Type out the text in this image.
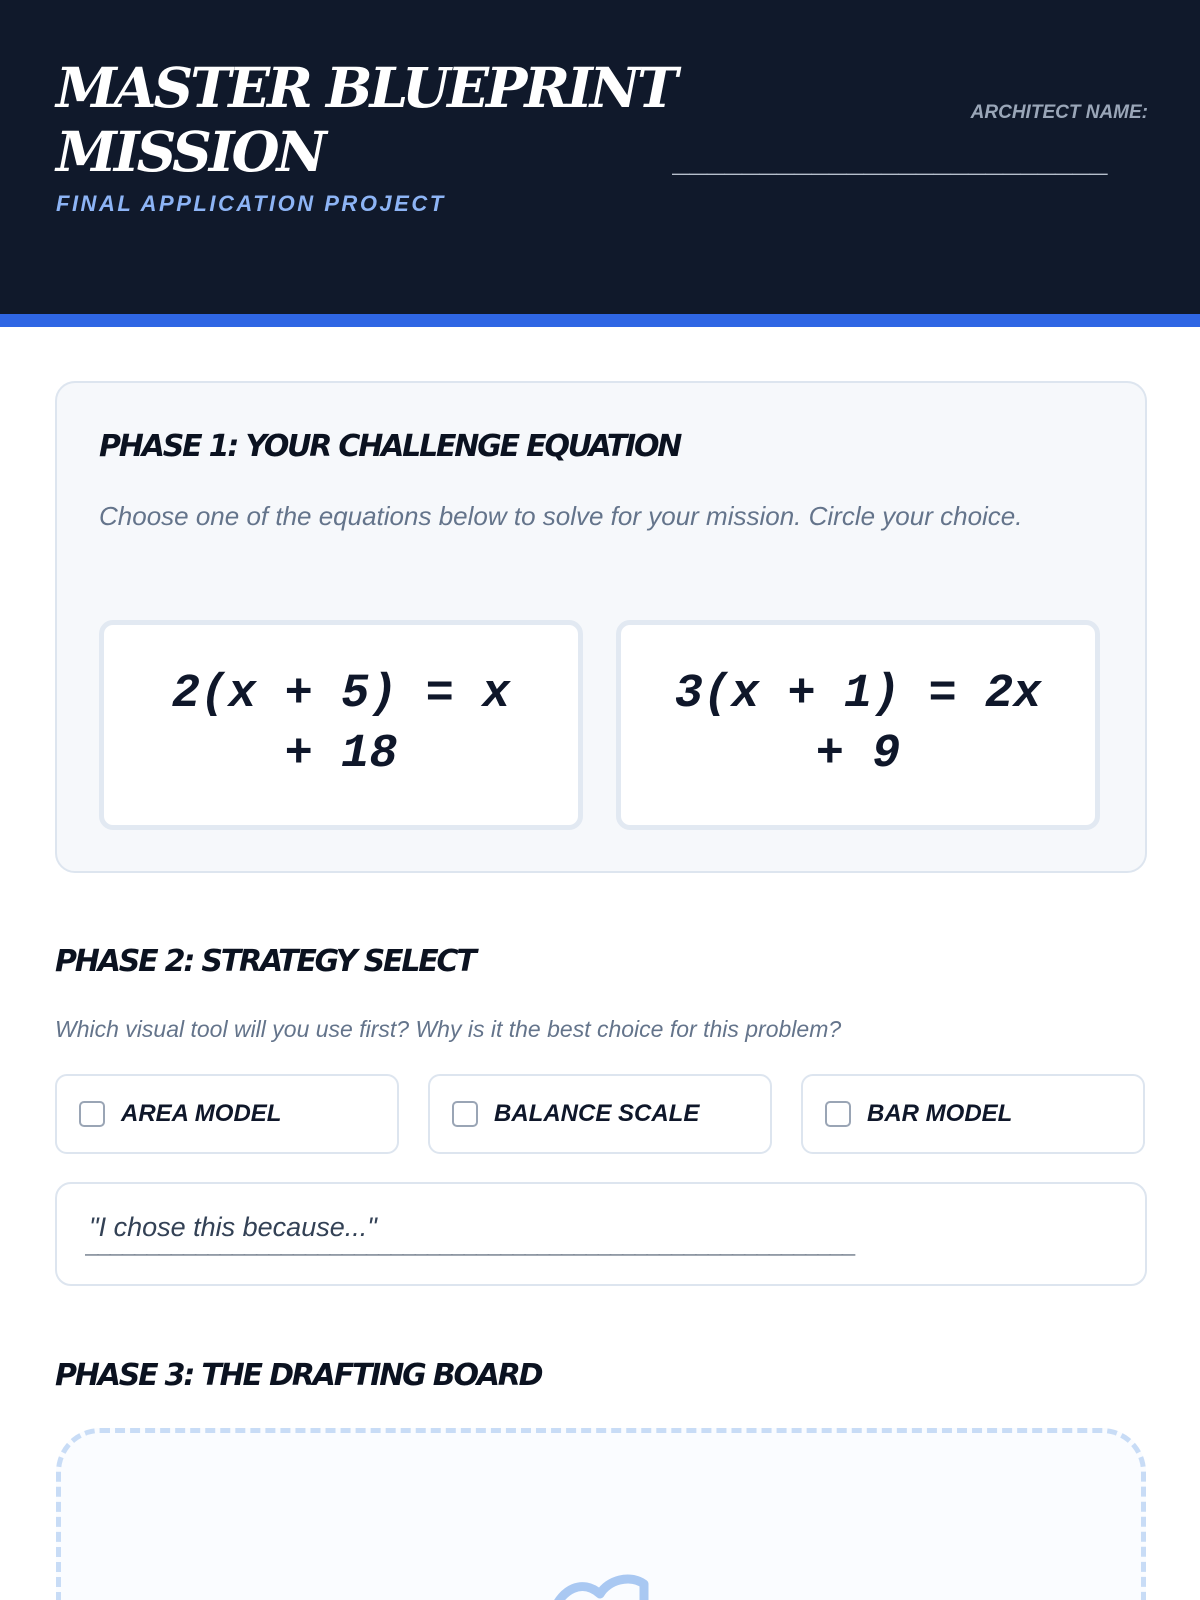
MASTER BLUEPRINT MISSION
FINAL APPLICATION PROJECT
ARCHITECT NAME:
_________________________
PHASE 1: YOUR CHALLENGE EQUATION
Choose one of the equations below to solve for your mission. Circle your choice.
2(x + 5) = x + 18
3(x + 1) = 2x + 9
PHASE 2: STRATEGY SELECT
Which visual tool will you use first? Why is it the best choice for this problem?
AREA MODEL	BALANCE SCALE	BAR MODEL
"I chose this because..."
_______________________________________________________________
PHASE 3: THE DRAFTING BOARD
